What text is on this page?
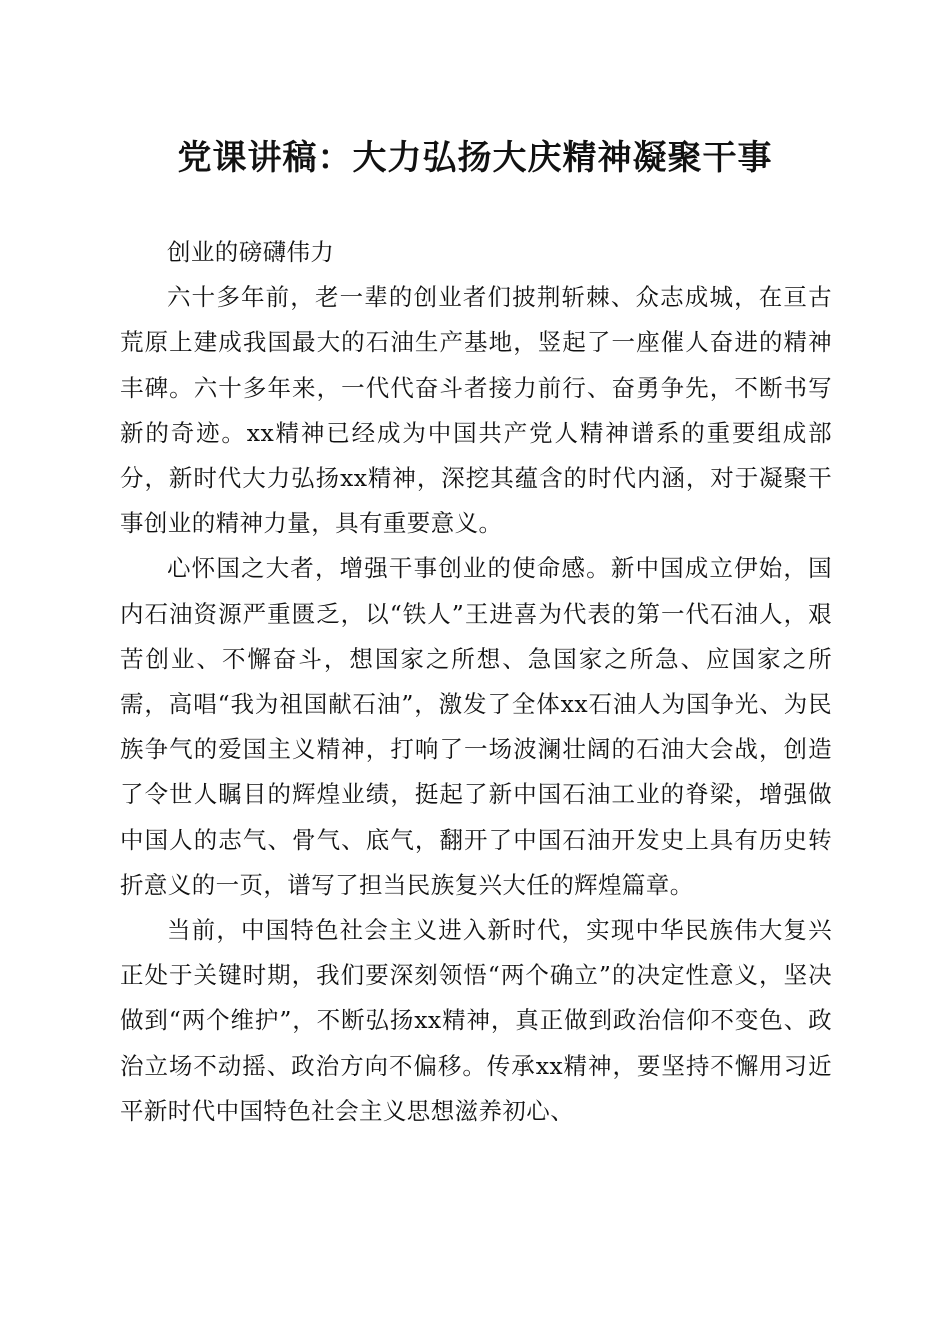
党课讲稿：大力弘扬大庆精神凝聚干事

创业的磅礴伟力

六十多年前，老一辈的创业者们披荆斩棘、众志成城，在亘古荒原上建成我国最大的石油生产基地，竖起了一座催人奋进的精神丰碑。六十多年来，一代代奋斗者接力前行、奋勇争先，不断书写新的奇迹。xx精神已经成为中国共产党人精神谱系的重要组成部分，新时代大力弘扬xx精神，深挖其蕴含的时代内涵，对于凝聚干事创业的精神力量，具有重要意义。

心怀国之大者，增强干事创业的使命感。新中国成立伊始，国内石油资源严重匮乏，以“铁人”王进喜为代表的第一代石油人，艰苦创业、不懈奋斗，想国家之所想、急国家之所急、应国家之所需，高唱“我为祖国献石油”，激发了全体xx石油人为国争光、为民族争气的爱国主义精神，打响了一场波澜壮阔的石油大会战，创造了令世人瞩目的辉煌业绩，挺起了新中国石油工业的脊梁，增强做中国人的志气、骨气、底气，翻开了中国石油开发史上具有历史转折意义的一页，谱写了担当民族复兴大任的辉煌篇章。

当前，中国特色社会主义进入新时代，实现中华民族伟大复兴正处于关键时期，我们要深刻领悟“两个确立”的决定性意义，坚决做到“两个维护”，不断弘扬xx精神，真正做到政治信仰不变色、政治立场不动摇、政治方向不偏移。传承xx精神，要坚持不懈用习近平新时代中国特色社会主义思想滋养初心、
